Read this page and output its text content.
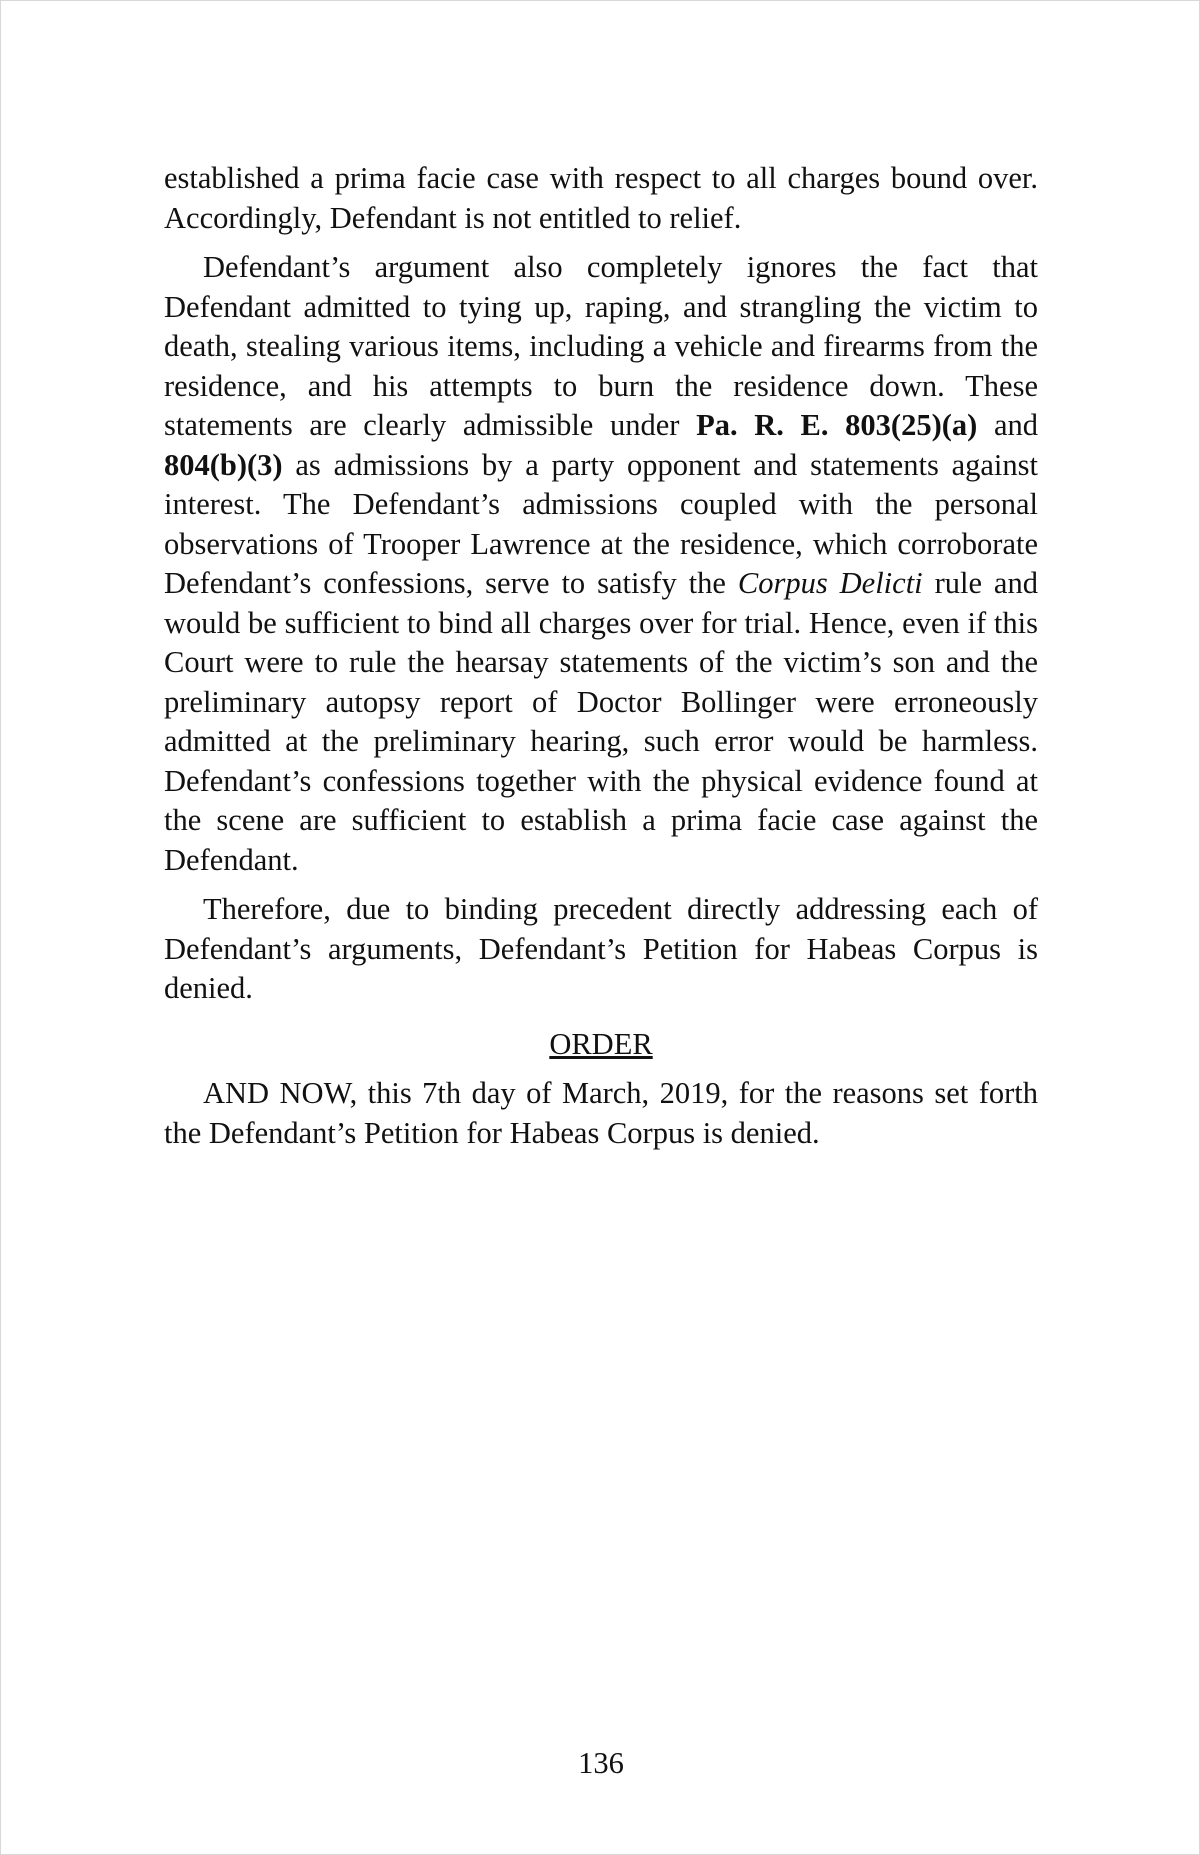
established a prima facie case with respect to all charges bound over. Accordingly, Defendant is not entitled to relief.

Defendant’s argument also completely ignores the fact that Defendant admitted to tying up, raping, and strangling the victim to death, stealing various items, including a vehicle and firearms from the residence, and his attempts to burn the residence down. These statements are clearly admissible under Pa. R. E. 803(25)(a) and 804(b)(3) as admissions by a party opponent and statements against interest. The Defendant’s admissions coupled with the personal observations of Trooper Lawrence at the residence, which corroborate Defendant’s confessions, serve to satisfy the Corpus Delicti rule and would be sufficient to bind all charges over for trial. Hence, even if this Court were to rule the hearsay statements of the victim’s son and the preliminary autopsy report of Doctor Bollinger were erroneously admitted at the preliminary hearing, such error would be harmless. Defendant’s confessions together with the physical evidence found at the scene are sufficient to establish a prima facie case against the Defendant.

Therefore, due to binding precedent directly addressing each of Defendant’s arguments, Defendant’s Petition for Habeas Corpus is denied.

ORDER

AND NOW, this 7th day of March, 2019, for the reasons set forth the Defendant’s Petition for Habeas Corpus is denied.

136
